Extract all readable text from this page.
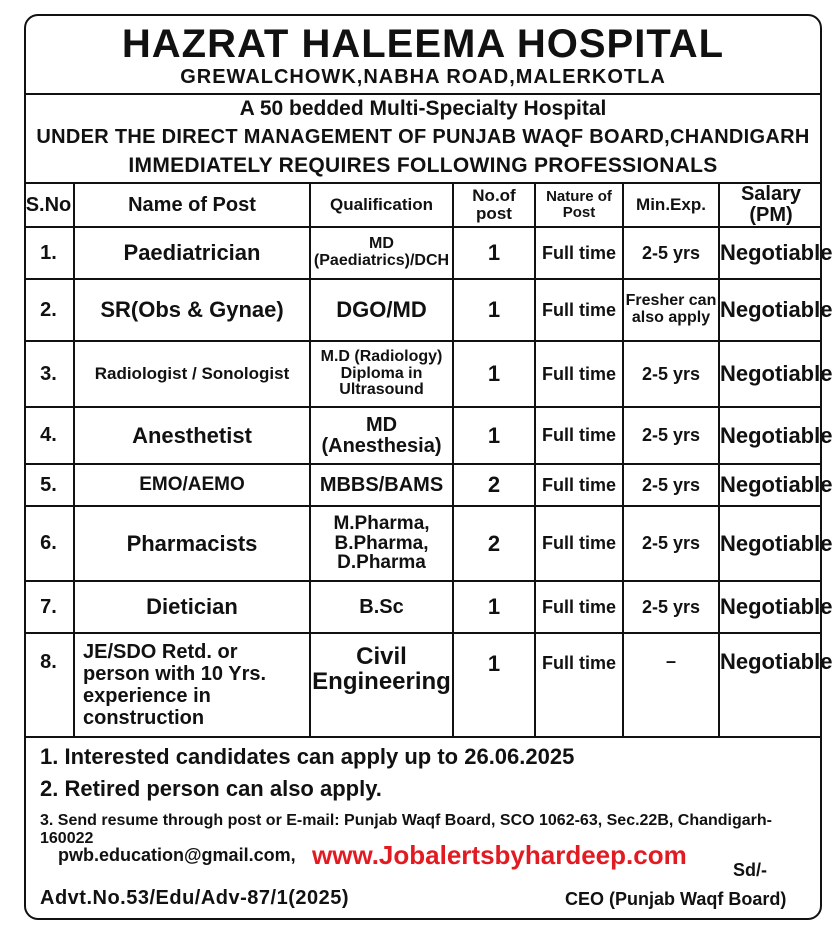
HAZRAT HALEEMA HOSPITAL
GREWALCHOWK,NABHA ROAD,MALERKOTLA
A 50 bedded Multi-Specialty Hospital
UNDER THE DIRECT MANAGEMENT OF PUNJAB WAQF BOARD,CHANDIGARH
IMMEDIATELY REQUIRES FOLLOWING PROFESSIONALS
S.No	Name of Post	Qualification	No.of post	Nature of Post	Min.Exp.	Salary (PM)
1.	Paediatrician	MD (Paediatrics)/DCH	1	Full time	2-5 yrs	Negotiable
2.	SR(Obs & Gynae)	DGO/MD	1	Full time	Fresher can also apply	Negotiable
3.	Radiologist / Sonologist	M.D (Radiology) Diploma in Ultrasound	1	Full time	2-5 yrs	Negotiable
4.	Anesthetist	MD (Anesthesia)	1	Full time	2-5 yrs	Negotiable
5.	EMO/AEMO	MBBS/BAMS	2	Full time	2-5 yrs	Negotiable
6.	Pharmacists	M.Pharma, B.Pharma, D.Pharma	2	Full time	2-5 yrs	Negotiable
7.	Dietician	B.Sc	1	Full time	2-5 yrs	Negotiable
8.	JE/SDO Retd. or person with 10 Yrs. experience in construction	Civil Engineering	1	Full time	–	Negotiable

1. Interested candidates can apply up to 26.06.2025

2. Retired person can also apply.

3. Send resume through post or E-mail: Punjab Waqf Board, SCO 1062-63, Sec.22B, Chandigarh-160022

pwb.education@gmail.com, www.Jobalertsbyhardeep.com	Sd/-
Advt.No.53/Edu/Adv-87/1(2025)	CEO (Punjab Waqf Board)
